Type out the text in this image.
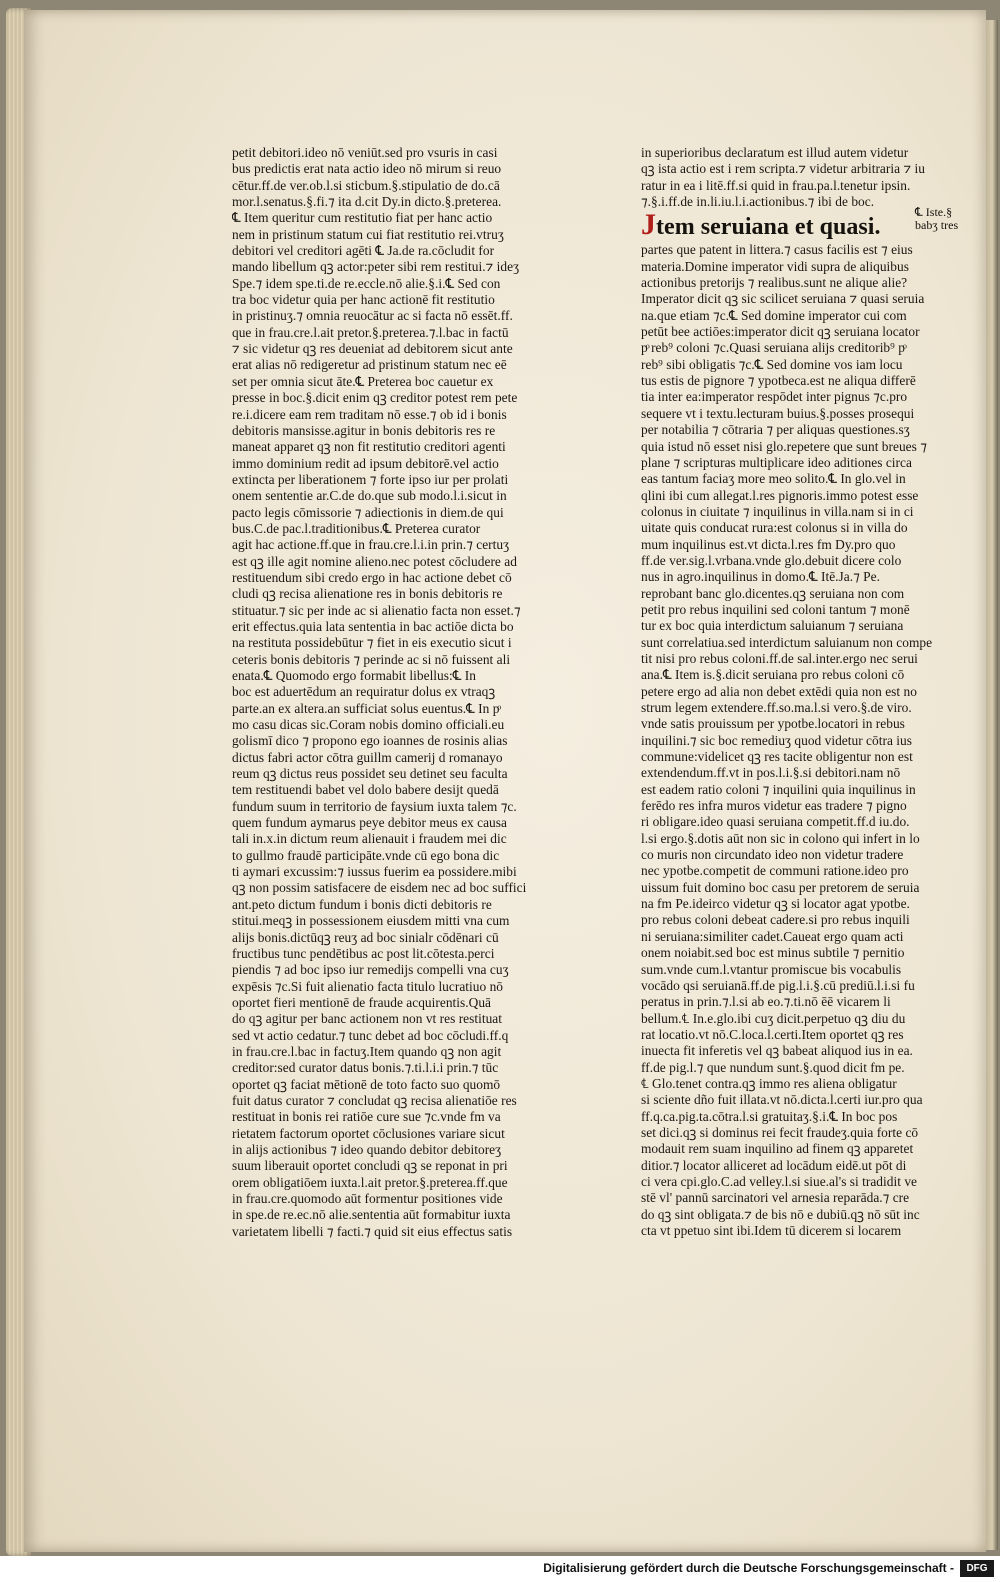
petit debitori.ideo nō veniūt.sed pro vsuris in casi
bus predictis erat nata actio ideo nō mirum si reuo
cētur.ff.de ver.ob.l.si sticbum.§.stipulatio de do.cā
mor.l.senatus.§.fi.⁊ ita d.cit Dy.in dicto.§.preterea.
℄ Item queritur cum restitutio fiat per hanc actio
nem in pristinum statum cui fiat restitutio rei.vtruʒ
debitori vel creditori agēti ℄ Ja.de ra.cōcludit for
mando libellum qꝫ actor:peter sibi rem restitui.⁊ ideʒ
Spe.⁊ idem spe.ti.de re.eccle.nō alie.§.i.℄ Sed con
tra boc videtur quia per hanc actionē fit restitutio
in pristinuʒ.⁊ omnia reuocātur ac si facta nō essēt.ff.
que in frau.cre.l.ait pretor.§.preterea.⁊.l.bac in factū
⁊ sic videtur qꝫ res deueniat ad debitorem sicut ante
erat alias nō redigeretur ad pristinum statum nec eē
set per omnia sicut āte.℄ Preterea boc cauetur ex
presse in boc.§.dicit enim qꝫ creditor potest rem pete
re.i.dicere eam rem traditam nō esse.⁊ ob id i bonis
debitoris mansisse.agitur in bonis debitoris res re
maneat apparet qꝫ non fit restitutio creditori agenti
immo dominium redit ad ipsum debitorē.vel actio
extincta per liberationem ⁊ forte ipso iur per prolati
onem sententie ar.C.de do.que sub modo.l.i.sicut in
pacto legis cōmissorie ⁊ adiectionis in diem.de qui
bus.C.de pac.l.traditionibus.℄ Preterea curator
agit hac actione.ff.que in frau.cre.l.i.in prin.⁊ certuʒ
est qꝫ ille agit nomine alieno.nec potest cōcludere ad
restituendum sibi credo ergo in hac actione debet cō
cludi qꝫ recisa alienatione res in bonis debitoris re
stituatur.⁊ sic per inde ac si alienatio facta non esset.⁊
erit effectus.quia lata sententia in bac actiōe dicta bo
na restituta possidebūtur ⁊ fiet in eis executio sicut i
ceteris bonis debitoris ⁊ perinde ac si nō fuissent ali
enata.℄ Quomodo ergo formabit libellus:℄ In
boc est aduertēdum an requiratur dolus ex vtraqꝫ
parte.an ex altera.an sufficiat solus euentus.℄ In pͦ
mo casu dicas sic.Coram nobis domino officiali.eu
golismī dico ⁊ propono ego ioannes de rosinis alias
dictus fabri actor cōtra guillm camerij d romanayo
reum qꝫ dictus reus possidet seu detinet seu faculta
tem restituendi babet vel dolo babere desijt quedā
fundum suum in territorio de faysium iuxta talem ⁊c.
quem fundum aymarus peye debitor meus ex causa
tali in.x.in dictum reum alienauit i fraudem mei dic
to gullmo fraudē participāte.vnde cū ego bona dic
ti aymari excussim:⁊ iussus fuerim ea possidere.mibi
qꝫ non possim satisfacere de eisdem nec ad boc suffici
ant.peto dictum fundum i bonis dicti debitoris re
stitui.meqꝫ in possessionem eiusdem mitti vna cum
alijs bonis.dictūqꝫ reuʒ ad boc sinialr cōdēnari cū
fructibus tunc pendētibus ac post lit.cōtesta.perci
piendis ⁊ ad boc ipso iur remedijs compelli vna cuʒ
expēsis ⁊c.Si fuit alienatio facta titulo lucratiuo nō
oportet fieri mentionē de fraude acquirentis.Quā
do qꝫ agitur per banc actionem non vt res restituat
sed vt actio cedatur.⁊ tunc debet ad boc cōcludi.ff.q
in frau.cre.l.bac in factuʒ.Item quando qꝫ non agit
creditor:sed curator datus bonis.⁊.ti.l.i.i prin.⁊ tūc
oportet qꝫ faciat mētionē de toto facto suo quomō
fuit datus curator ⁊ concludat qꝫ recisa alienatiōe res
restituat in bonis rei ratiōe cure sue ⁊c.vnde fm va
rietatem factorum oportet cōclusiones variare sicut
in alijs actionibus ⁊ ideo quando debitor debitoreʒ
suum liberauit oportet concludi qꝫ se reponat in pri
orem obligatiōem iuxta.l.ait pretor.§.preterea.ff.que
in frau.cre.quomodo aūt formentur positiones vide
in spe.de re.ec.nō alie.sententia aūt formabitur iuxta
varietatem libelli ⁊ facti.⁊ quid sit eius effectus satis
in superioribus declaratum est illud autem videtur
qꝫ ista actio est i rem scripta.⁊ videtur arbitraria ⁊ iu
ratur in ea i litē.ff.si quid in frau.pa.l.tenetur ipsin.
⁊.§.i.ff.de in.li.iu.l.i.actionibus.⁊ ibi de boc.
Jtem seruiana et quasi.
℄ Iste.§ babʒ tres
partes que patent in littera.⁊ casus facilis est ⁊ eius
materia.Domine imperator vidi supra de aliquibus
actionibus pretorijs ⁊ realibus.sunt ne alique alie?
Imperator dicit qꝫ sic scilicet seruiana ⁊ quasi seruia
na.que etiam ⁊c.℄ Sed domine imperator cui com
petūt bee actiōes:imperator dicit qꝫ seruiana locator
pͦ reb⁹ coloni ⁊c.Quasi seruiana alijs creditorib⁹ pͦ
reb⁹ sibi obligatis ⁊c.℄ Sed domine vos iam locu
tus estis de pignore ⁊ ypotbeca.est ne aliqua differē
tia inter ea:imperator respōdet inter pignus ⁊c.pro
sequere vt i textu.lecturam buius.§.posses prosequi
per notabilia ⁊ cōtraria ⁊ per aliquas questiones.sʒ
quia istud nō esset nisi glo.repetere que sunt breues ⁊
plane ⁊ scripturas multiplicare ideo aditiones circa
eas tantum faciaʒ more meo solito.℄ In glo.vel in
qlini ibi cum allegat.l.res pignoris.immo potest esse
colonus in ciuitate ⁊ inquilinus in villa.nam si in ci
uitate quis conducat rura:est colonus si in villa do
mum inquilinus est.vt dicta.l.res fm Dy.pro quo
ff.de ver.sig.l.vrbana.vnde glo.debuit dicere colo
nus in agro.inquilinus in domo.℄ Itē.Ja.⁊ Pe.
reprobant banc glo.dicentes.qꝫ seruiana non com
petit pro rebus inquilini sed coloni tantum ⁊ monē
tur ex boc quia interdictum saluianum ⁊ seruiana
sunt correlatiua.sed interdictum saluianum non compe
tit nisi pro rebus coloni.ff.de sal.inter.ergo nec serui
ana.℄ Item is.§.dicit seruiana pro rebus coloni cō
petere ergo ad alia non debet extēdi quia non est no
strum legem extendere.ff.so.ma.l.si vero.§.de viro.
vnde satis prouissum per ypotbe.locatori in rebus
inquilini.⁊ sic boc remediuʒ quod videtur cōtra ius
commune:videlicet qꝫ res tacite obligentur non est
extendendum.ff.vt in pos.l.i.§.si debitori.nam nō
est eadem ratio coloni ⁊ inquilini quia inquilinus in
ferēdo res infra muros videtur eas tradere ⁊ pigno
ri obligare.ideo quasi seruiana competit.ff.d iu.do.
l.si ergo.§.dotis aūt non sic in colono qui infert in lo
co muris non circundato ideo non videtur tradere
nec ypotbe.competit de communi ratione.ideo pro
uissum fuit domino boc casu per pretorem de seruia
na fm Pe.ideirco videtur qꝫ si locator agat ypotbe.
pro rebus coloni debeat cadere.si pro rebus inquili
ni seruiana:similiter cadet.Caueat ergo quam acti
onem noiabit.sed boc est minus subtile ⁊ pernitio
sum.vnde cum.l.vtantur promiscue bis vocabulis
vocādo qsi seruianā.ff.de pig.l.i.§.cū prediū.l.i.si fu
peratus in prin.⁊.l.si ab eo.⁊.ti.nō ēē vicarem li
bellum.℄ In.e.glo.ibi cuʒ dicit.perpetuo qꝫ diu du
rat locatio.vt nō.C.loca.l.certi.Item oportet qꝫ res
inuecta fit inferetis vel qꝫ babeat aliquod ius in ea.
ff.de pig.l.⁊ que nundum sunt.§.quod dicit fm pe.
℄ Glo.tenet contra.qꝫ immo res aliena obligatur
si sciente dño fuit illata.vt nō.dicta.l.certi iur.pro qua
ff.q.ca.pig.ta.cōtra.l.si gratuitaʒ.§.i.℄ In boc pos
set dici.qꝫ si dominus rei fecit fraudeʒ.quia forte cō
modauit rem suam inquilino ad finem qꝫ apparetet
ditior.⁊ locator alliceret ad locādum eidē.ut pōt di
ci vera cpi.glo.C.ad velley.l.si siue.al's si tradidit ve
stē vl' pannū sarcinatori vel arnesia reparāda.⁊ cre
do qꝫ sint obligata.⁊ de bis nō e dubiū.qꝫ nō sūt inc
cta vt ppetuo sint ibi.Idem tū dicerem si locarem
Digitalisierung gefördert durch die Deutsche Forschungsgemeinschaft -	DFG
